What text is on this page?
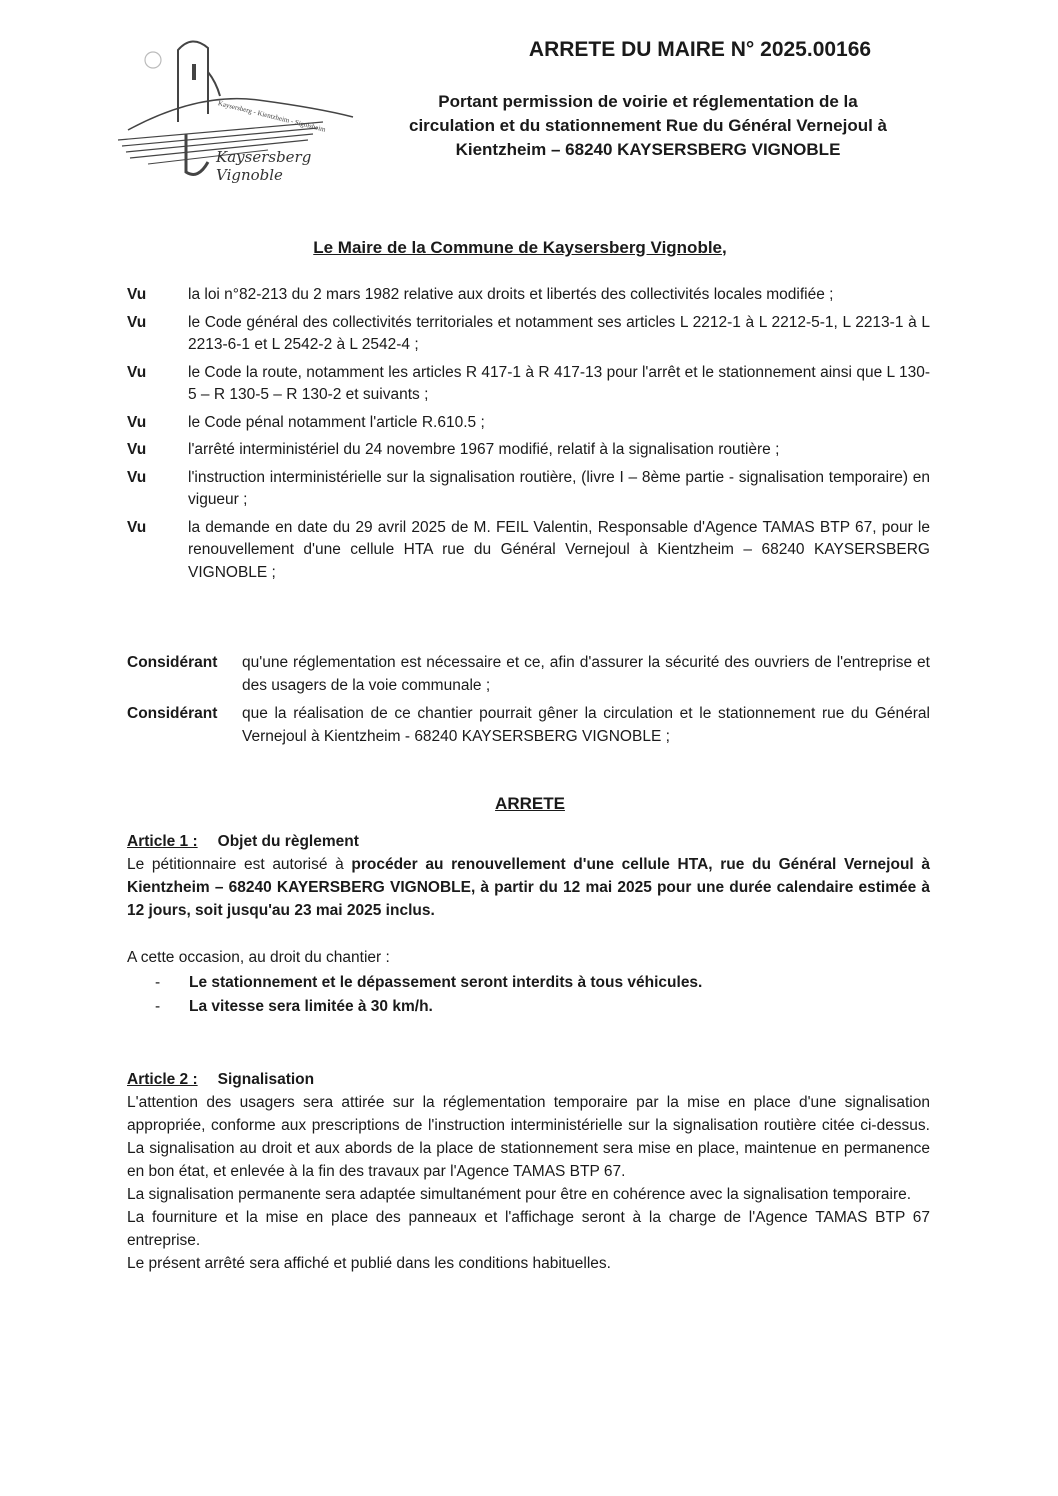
Kaysersberg - Kientzheim - Sigolsheim
Kaysersberg Vignoble
ARRETE DU MAIRE N° 2025.00166
Portant permission de voirie et réglementation de la
circulation et du stationnement Rue du Général Vernejoul à
Kientzheim – 68240 KAYSERSBERG VIGNOBLE
Le Maire de la Commune de Kaysersberg Vignoble,
Vu	la loi n°82-213 du 2 mars 1982 relative aux droits et libertés des collectivités locales modifiée ;
Vu	le Code général des collectivités territoriales et notamment ses articles L 2212-1 à L 2212-5-1, L 2213-1 à L 2213-6-1 et L 2542-2 à L 2542-4 ;
Vu	le Code la route, notamment les articles R 417-1 à R 417-13 pour l'arrêt et le stationnement ainsi que L 130-5 – R 130-5 – R 130-2 et suivants ;
Vu	le Code pénal notamment l'article R.610.5 ;
Vu	l'arrêté interministériel du 24 novembre 1967 modifié, relatif à la signalisation routière ;
Vu	l'instruction interministérielle sur la signalisation routière, (livre I – 8ème partie - signalisation temporaire) en vigueur ;
Vu	la demande en date du 29 avril 2025 de M. FEIL Valentin, Responsable d'Agence TAMAS BTP 67, pour le renouvellement d'une cellule HTA rue du Général Vernejoul à Kientzheim – 68240 KAYSERSBERG VIGNOBLE ;
Considérant	qu'une réglementation est nécessaire et ce, afin d'assurer la sécurité des ouvriers de l'entreprise et des usagers de la voie communale ;
Considérant	que la réalisation de ce chantier pourrait gêner la circulation et le stationnement rue du Général Vernejoul à Kientzheim - 68240 KAYSERSBERG VIGNOBLE ;
ARRETE
Article 1 : Objet du règlement

Le pétitionnaire est autorisé à procéder au renouvellement d'une cellule HTA, rue du Général Vernejoul à Kientzheim – 68240 KAYERSBERG VIGNOBLE, à partir du 12 mai 2025 pour une durée calendaire estimée à 12 jours, soit jusqu'au 23 mai 2025 inclus.

A cette occasion, au droit du chantier :

- Le stationnement et le dépassement seront interdits à tous véhicules.
- La vitesse sera limitée à 30 km/h.
Article 2 : Signalisation

L'attention des usagers sera attirée sur la réglementation temporaire par la mise en place d'une signalisation appropriée, conforme aux prescriptions de l'instruction interministérielle sur la signalisation routière citée ci-dessus. La signalisation au droit et aux abords de la place de stationnement sera mise en place, maintenue en permanence en bon état, et enlevée à la fin des travaux par l'Agence TAMAS BTP 67.

La signalisation permanente sera adaptée simultanément pour être en cohérence avec la signalisation temporaire.

La fourniture et la mise en place des panneaux et l'affichage seront à la charge de l'Agence TAMAS BTP 67 entreprise.

Le présent arrêté sera affiché et publié dans les conditions habituelles.
